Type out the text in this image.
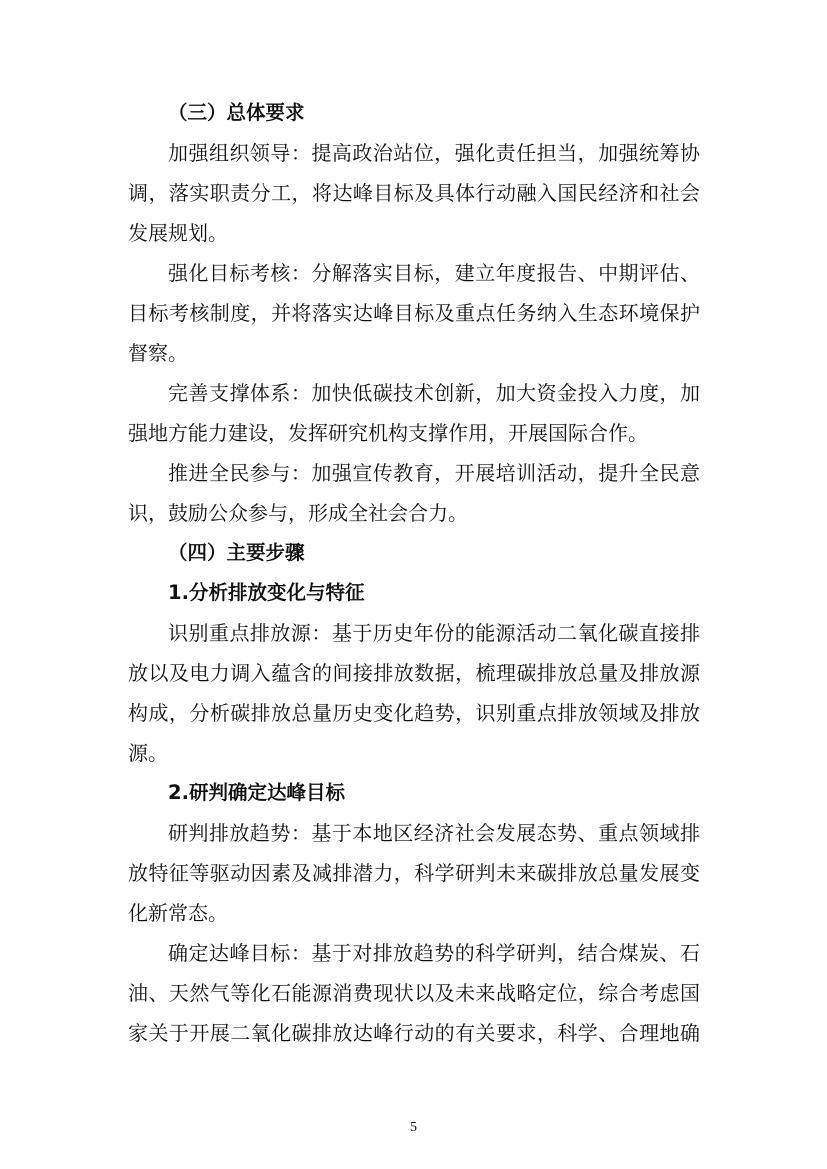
（三）总体要求
加强组织领导：提高政治站位，强化责任担当，加强统筹协
调，落实职责分工，将达峰目标及具体行动融入国民经济和社会
发展规划。
强化目标考核：分解落实目标，建立年度报告、中期评估、
目标考核制度，并将落实达峰目标及重点任务纳入生态环境保护
督察。
完善支撑体系：加快低碳技术创新，加大资金投入力度，加
强地方能力建设，发挥研究机构支撑作用，开展国际合作。
推进全民参与：加强宣传教育，开展培训活动，提升全民意
识，鼓励公众参与，形成全社会合力。
（四）主要步骤
1.分析排放变化与特征
识别重点排放源：基于历史年份的能源活动二氧化碳直接排
放以及电力调入蕴含的间接排放数据，梳理碳排放总量及排放源
构成，分析碳排放总量历史变化趋势，识别重点排放领域及排放
源。
2.研判确定达峰目标
研判排放趋势：基于本地区经济社会发展态势、重点领域排
放特征等驱动因素及减排潜力，科学研判未来碳排放总量发展变
化新常态。
确定达峰目标：基于对排放趋势的科学研判，结合煤炭、石
油、天然气等化石能源消费现状以及未来战略定位，综合考虑国
家关于开展二氧化碳排放达峰行动的有关要求，科学、合理地确
5
